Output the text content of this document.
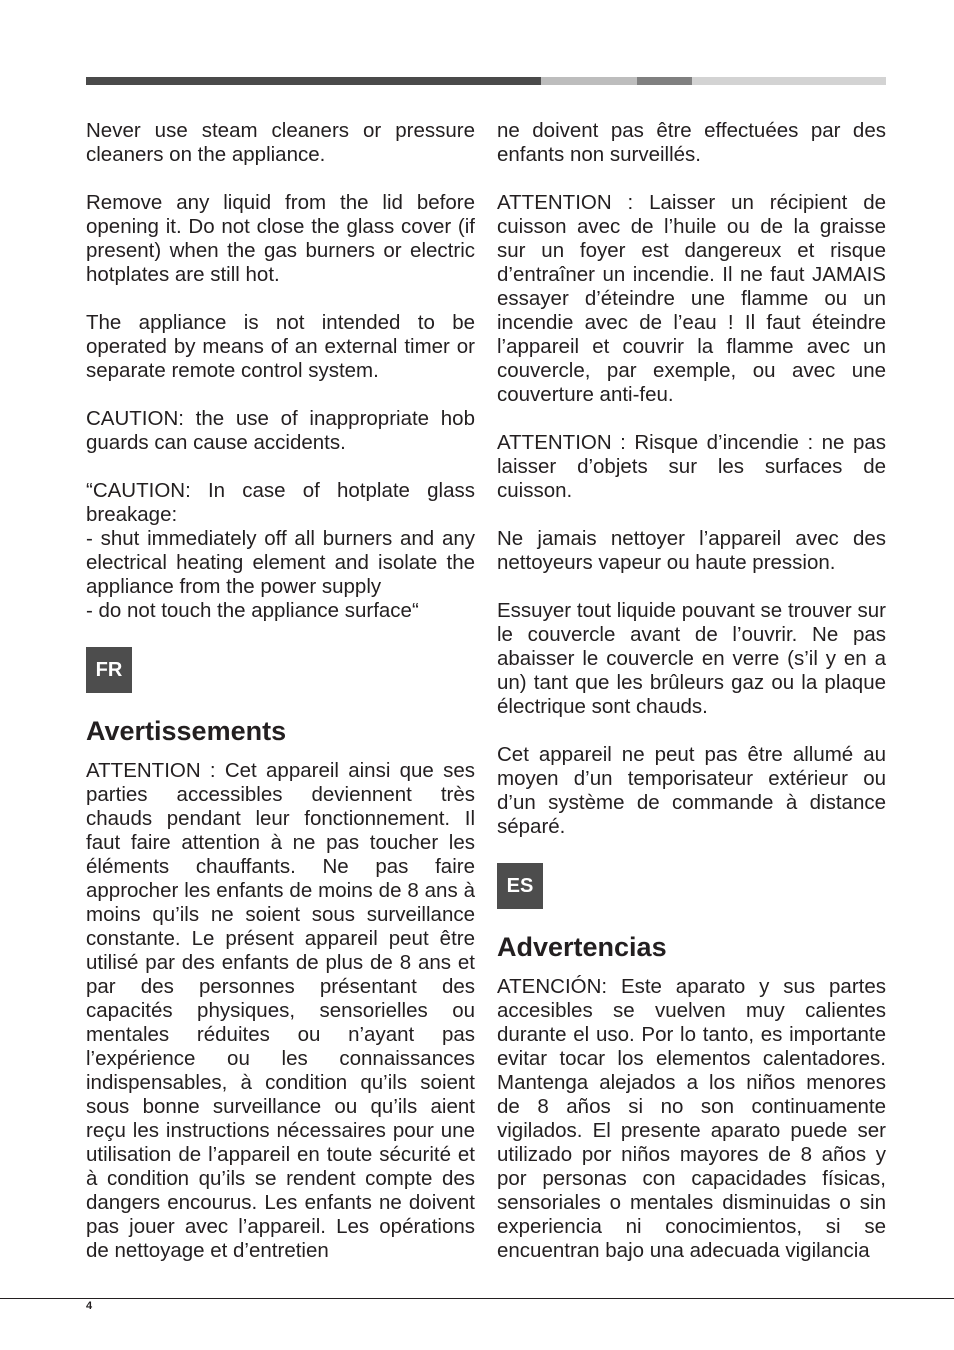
Never use steam cleaners or pressure cleaners on the appliance.

Remove any liquid from the lid before opening it. Do not close the glass cover (if present) when the gas burners or electric hotplates are still hot.

The appliance is not intended to be operated by means of an external timer or separate remote control system.

CAUTION: the use of inappropriate hob guards can cause accidents.

“CAUTION: In case of hotplate glass breakage:
- shut immediately off all burners and any electrical heating element and isolate the appliance from the power supply
- do not touch the appliance surface“

FR
Avertissements

ATTENTION : Cet appareil ainsi que ses parties accessibles deviennent très chauds pendant leur fonctionnement. Il faut faire attention à ne pas toucher les éléments chauffants. Ne pas faire approcher les enfants de moins de 8 ans à moins qu’ils ne soient sous surveillance constante. Le présent appareil peut être utilisé par des enfants de plus de 8 ans et par des personnes présentant des capacités physiques, sensorielles ou mentales réduites ou n’ayant pas l’expérience ou les connaissances indispensables, à condition qu’ils soient sous bonne surveillance ou qu’ils aient reçu les instructions nécessaires pour une utilisation de l’appareil en toute sécurité et à condition qu’ils se rendent compte des dangers encourus. Les enfants ne doivent pas jouer avec l’appareil. Les opérations de nettoyage et d’entretien

ne doivent pas être effectuées par des enfants non surveillés.

ATTENTION : Laisser un récipient de cuisson avec de l’huile ou de la graisse sur un foyer est dangereux et risque d’entraîner un incendie. Il ne faut JAMAIS essayer d’éteindre une flamme ou un incendie avec de l’eau ! Il faut éteindre l’appareil et couvrir la flamme avec un couvercle, par exemple, ou avec une couverture anti-feu.

ATTENTION : Risque d’incendie : ne pas laisser d’objets sur les surfaces de cuisson.

Ne jamais nettoyer l’appareil avec des nettoyeurs vapeur ou haute pression.

Essuyer tout liquide pouvant se trouver sur le couvercle avant de l’ouvrir. Ne pas abaisser le couvercle en verre (s’il y en a un) tant que les brûleurs gaz ou la plaque électrique sont chauds.

Cet appareil ne peut pas être allumé au moyen d’un temporisateur extérieur ou d’un système de commande à distance séparé.

ES
Advertencias

ATENCIÓN: Este aparato y sus partes accesibles se vuelven muy calientes durante el uso. Por lo tanto, es importante evitar tocar los elementos calentadores. Mantenga alejados a los niños menores de 8 años si no son continuamente vigilados. El presente aparato puede ser utilizado por niños mayores de 8 años y por personas con capacidades físicas, sensoriales o mentales disminuidas o sin experiencia ni conocimientos, si se encuentran bajo una adecuada vigilancia

4
